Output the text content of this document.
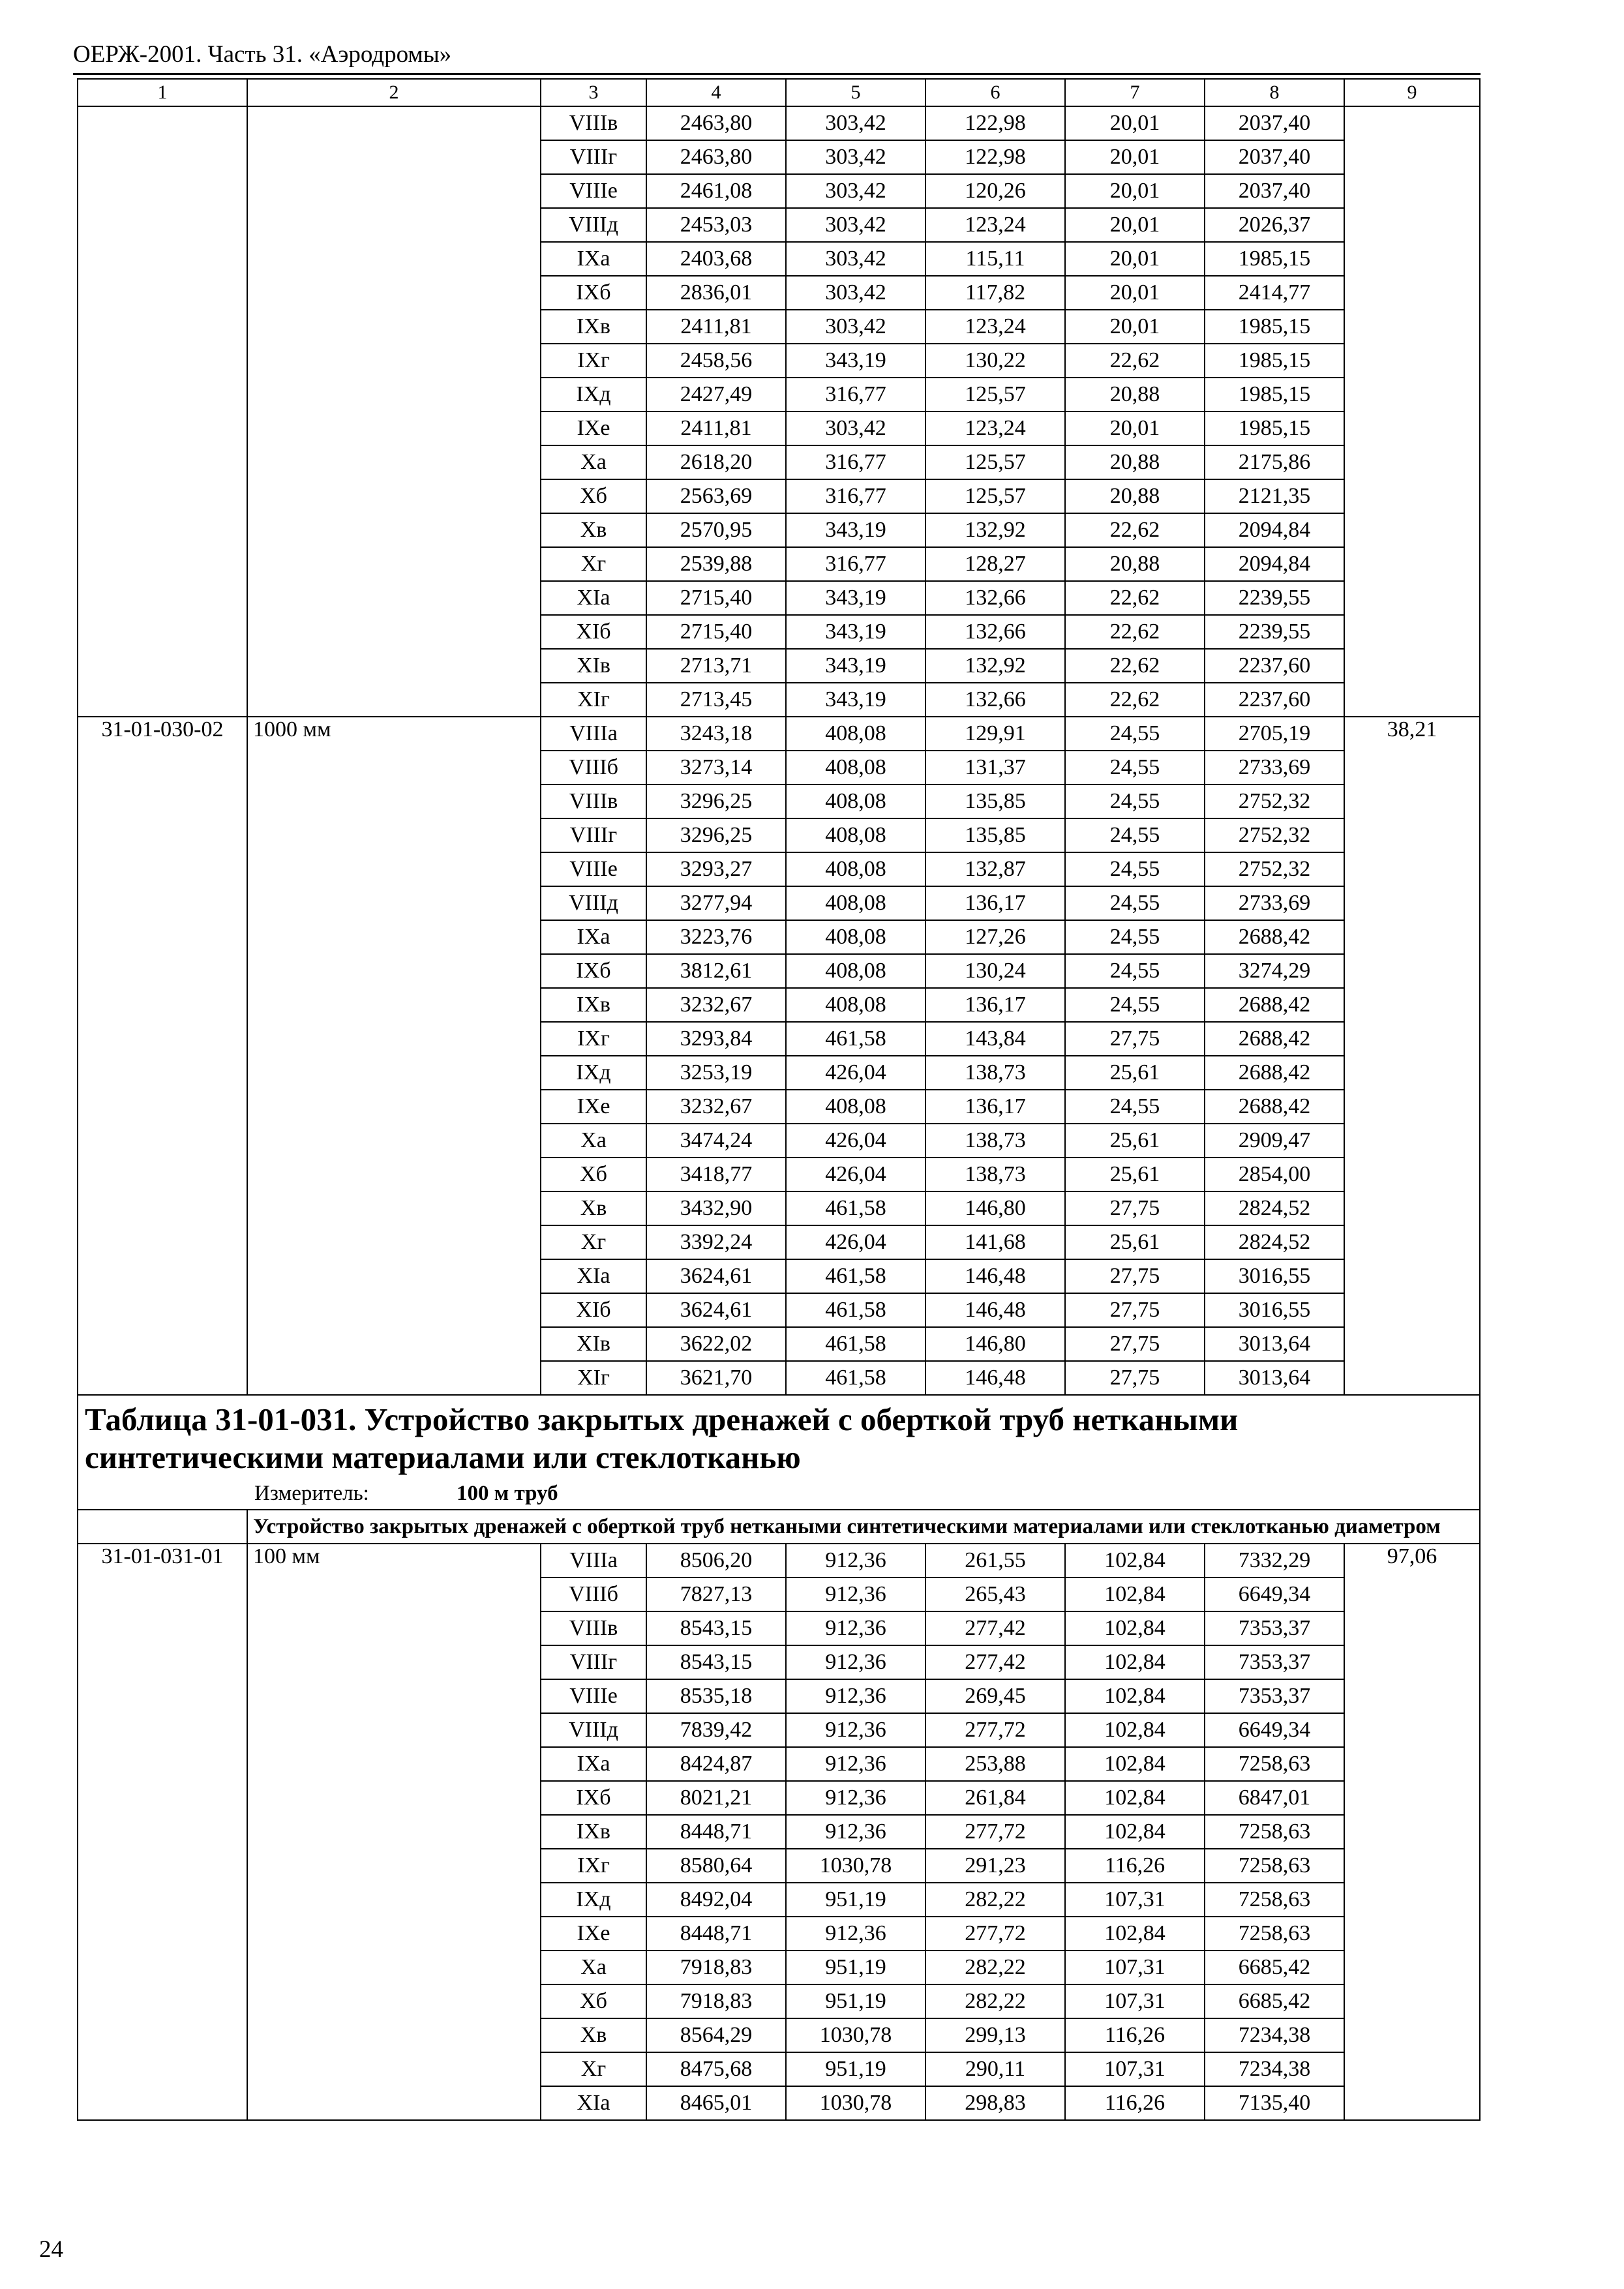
ОЕРЖ-2001. Часть 31. «Аэродромы»
1	2	3	4	5	6	7	8	9
		VIIIв	2463,80	303,42	122,98	20,01	2037,40	
		VIIIг	2463,80	303,42	122,98	20,01	2037,40	
		VIIIе	2461,08	303,42	120,26	20,01	2037,40	
		VIIIд	2453,03	303,42	123,24	20,01	2026,37	
		IXа	2403,68	303,42	115,11	20,01	1985,15	
		IXб	2836,01	303,42	117,82	20,01	2414,77	
		IXв	2411,81	303,42	123,24	20,01	1985,15	
		IXг	2458,56	343,19	130,22	22,62	1985,15	
		IXд	2427,49	316,77	125,57	20,88	1985,15	
		IXе	2411,81	303,42	123,24	20,01	1985,15	
		Xа	2618,20	316,77	125,57	20,88	2175,86	
		Xб	2563,69	316,77	125,57	20,88	2121,35	
		Xв	2570,95	343,19	132,92	22,62	2094,84	
		Xг	2539,88	316,77	128,27	20,88	2094,84	
		XIа	2715,40	343,19	132,66	22,62	2239,55	
		XIб	2715,40	343,19	132,66	22,62	2239,55	
		XIв	2713,71	343,19	132,92	22,62	2237,60	
		XIг	2713,45	343,19	132,66	22,62	2237,60	
31-01-030-02	1000 мм	VIIIа	3243,18	408,08	129,91	24,55	2705,19	38,21
		VIIIб	3273,14	408,08	131,37	24,55	2733,69	
		VIIIв	3296,25	408,08	135,85	24,55	2752,32	
		VIIIг	3296,25	408,08	135,85	24,55	2752,32	
		VIIIе	3293,27	408,08	132,87	24,55	2752,32	
		VIIIд	3277,94	408,08	136,17	24,55	2733,69	
		IXа	3223,76	408,08	127,26	24,55	2688,42	
		IXб	3812,61	408,08	130,24	24,55	3274,29	
		IXв	3232,67	408,08	136,17	24,55	2688,42	
		IXг	3293,84	461,58	143,84	27,75	2688,42	
		IXд	3253,19	426,04	138,73	25,61	2688,42	
		IXе	3232,67	408,08	136,17	24,55	2688,42	
		Xа	3474,24	426,04	138,73	25,61	2909,47	
		Xб	3418,77	426,04	138,73	25,61	2854,00	
		Xв	3432,90	461,58	146,80	27,75	2824,52	
		Xг	3392,24	426,04	141,68	25,61	2824,52	
		XIа	3624,61	461,58	146,48	27,75	3016,55	
		XIб	3624,61	461,58	146,48	27,75	3016,55	
		XIв	3622,02	461,58	146,80	27,75	3013,64	
		XIг	3621,70	461,58	146,48	27,75	3013,64	

Таблица 31-01-031. Устройство закрытых дренажей с оберткой труб неткаными синтетическими материалами или стеклотканью
Измеритель: 100 м труб								

	Устройство закрытых дренажей с оберткой труб неткаными синтетическими материалами или стеклотканью диаметром							
31-01-031-01	100 мм	VIIIа	8506,20	912,36	261,55	102,84	7332,29	97,06
		VIIIб	7827,13	912,36	265,43	102,84	6649,34	
		VIIIв	8543,15	912,36	277,42	102,84	7353,37	
		VIIIг	8543,15	912,36	277,42	102,84	7353,37	
		VIIIе	8535,18	912,36	269,45	102,84	7353,37	
		VIIIд	7839,42	912,36	277,72	102,84	6649,34	
		IXа	8424,87	912,36	253,88	102,84	7258,63	
		IXб	8021,21	912,36	261,84	102,84	6847,01	
		IXв	8448,71	912,36	277,72	102,84	7258,63	
		IXг	8580,64	1030,78	291,23	116,26	7258,63	
		IXд	8492,04	951,19	282,22	107,31	7258,63	
		IXе	8448,71	912,36	277,72	102,84	7258,63	
		Xа	7918,83	951,19	282,22	107,31	6685,42	
		Xб	7918,83	951,19	282,22	107,31	6685,42	
		Xв	8564,29	1030,78	299,13	116,26	7234,38	
		Xг	8475,68	951,19	290,11	107,31	7234,38	
		XIа	8465,01	1030,78	298,83	116,26	7135,40	
24
